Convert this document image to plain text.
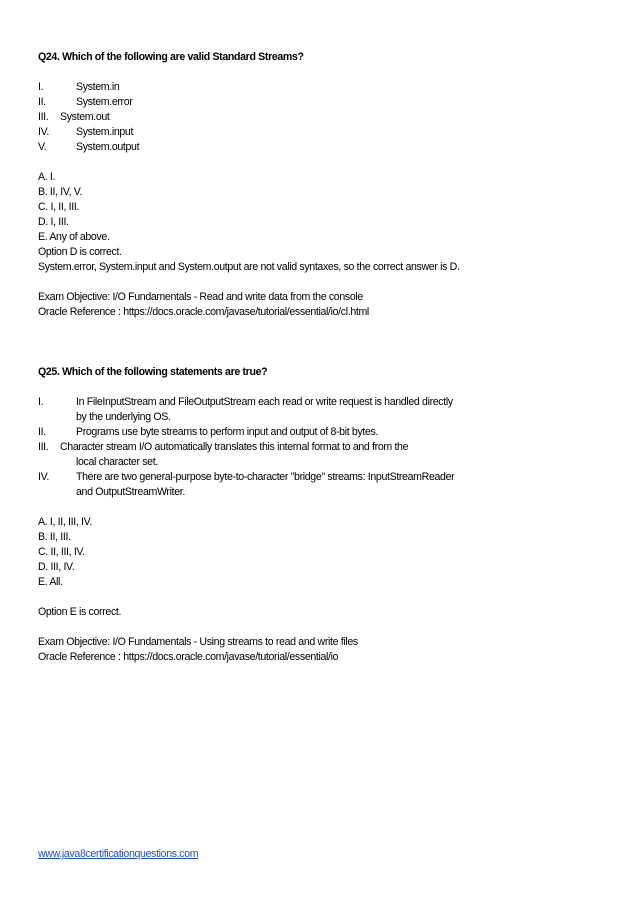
Q24. Which of the following are valid Standard Streams?
I.	System.in
II.	System.error
III. System.out
IV.	System.input
V.	System.output
A. I.
B. II, IV, V.
C. I, II, III.
D. I, III.
E. Any of above.
Option D is correct.
System.error, System.input and System.output are not valid syntaxes, so the correct answer is D.
Exam Objective: I/O Fundamentals - Read and write data from the console
Oracle Reference : https://docs.oracle.com/javase/tutorial/essential/io/cl.html
Q25. Which of the following statements are true?
I.	In FileInputStream and FileOutputStream each read or write request is handled directly
by the underlying OS.
II.	Programs use byte streams to perform input and output of 8-bit bytes.
III. Character stream I/O automatically translates this internal format to and from the
local character set.
IV.	There are two general-purpose byte-to-character "bridge" streams: InputStreamReader
and OutputStreamWriter.
A. I, II, III, IV.
B. II, III.
C. II, III, IV.
D. III, IV.
E. All.
Option E is correct.
Exam Objective: I/O Fundamentals - Using streams to read and write files
Oracle Reference : https://docs.oracle.com/javase/tutorial/essential/io
www.java8certificationquestions.com
